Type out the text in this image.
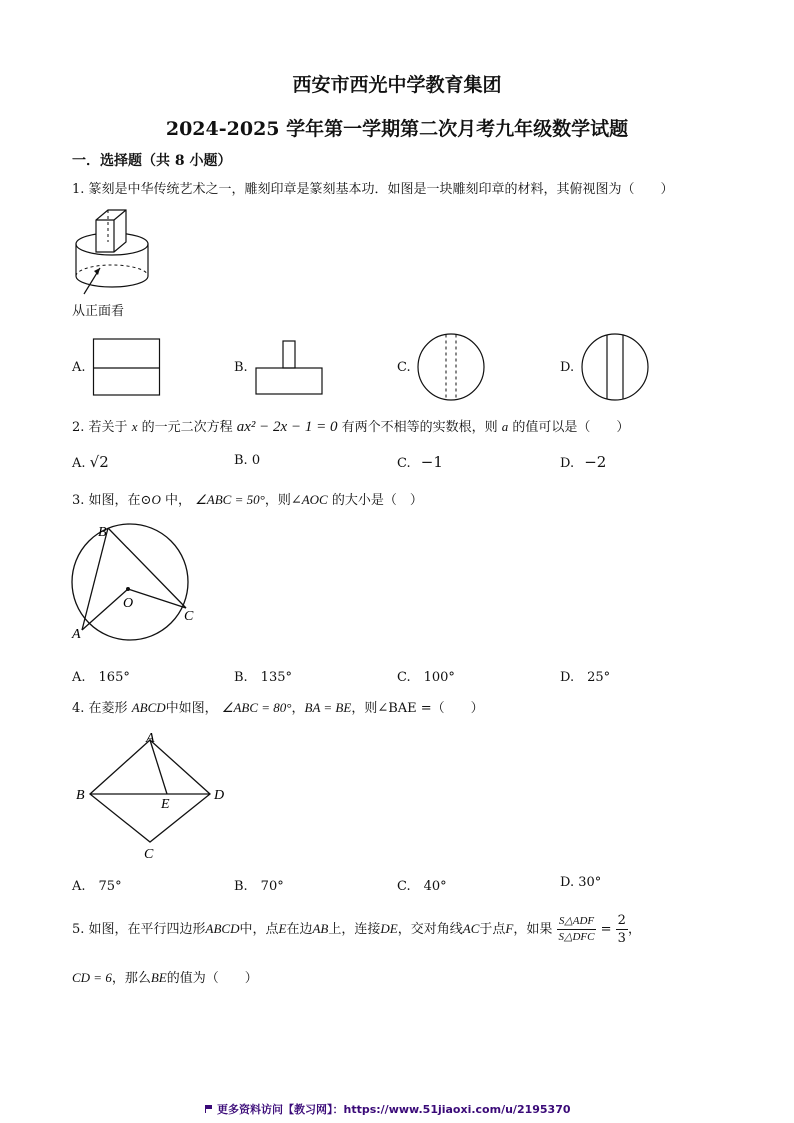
西安市西光中学教育集团
2024-2025 学年第一学期第二次月考九年级数学试题
一．选择题（共 8 小题）
1. 篆刻是中华传统艺术之一，雕刻印章是篆刻基本功．如图是一块雕刻印章的材料，其俯视图为（　　）
从正面看
A.	B.	C.	D.
2. 若关于 x 的一元二次方程 ax² − 2x − 1 = 0 有两个不相等的实数根，则 a 的值可以是（　　）
A. √2	B. 0	C. −1	D. −2
3. 如图，在⊙O 中， ∠ABC = 50°，则∠AOC 的大小是（　）
B
A
C
O
A.　165°	B.　135°	C.　100°	D.　25°
4. 在菱形 ABCD中如图， ∠ABC = 80°，BA = BE，则∠BAE =（　　）
A
B	D
E
C
A.　75°	B.　70°	C.　40°	D. 30°
5. 如图，在平行四边形ABCD中，点E在边AB上，连接DE，交对角线AC于点F，如果 $\frac{\text{S△ADF}}{\text{S△DFC}} = \frac{2}{3}$ ，
CD = 6，那么BE的值为（　　）
更多资料访问【教习网】：https://www.51jiaoxi.com/u/2195370
